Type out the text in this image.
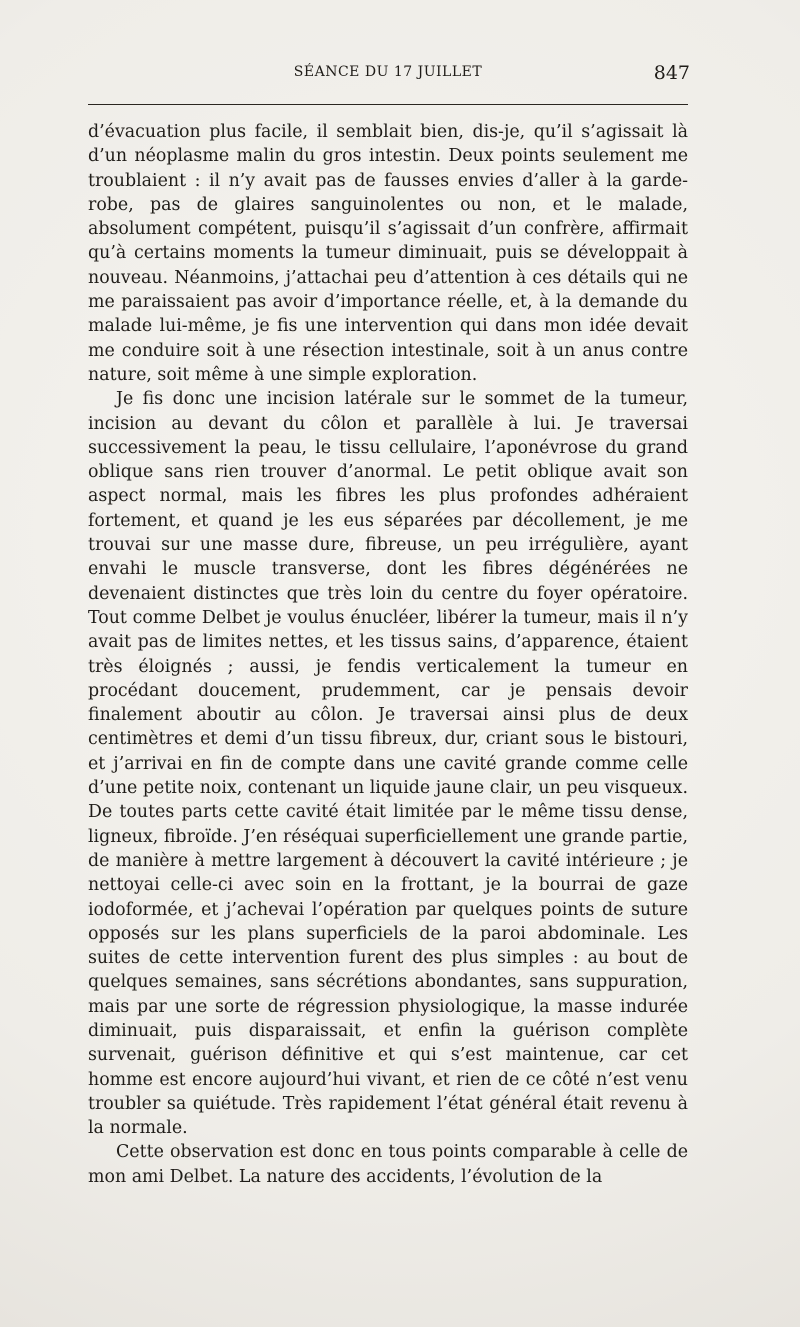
SÉANCE DU 17 JUILLET	847

d’évacuation plus facile, il semblait bien, dis-je, qu’il s’agissait là d’un néoplasme malin du gros intestin. Deux points seulement me troublaient : il n’y avait pas de fausses envies d’aller à la garde-robe, pas de glaires sanguinolentes ou non, et le malade, absolument compétent, puisqu’il s’agissait d’un confrère, affirmait qu’à certains moments la tumeur diminuait, puis se développait à nouveau. Néanmoins, j’attachai peu d’attention à ces détails qui ne me paraissaient pas avoir d’importance réelle, et, à la demande du malade lui-même, je fis une intervention qui dans mon idée devait me conduire soit à une résection intestinale, soit à un anus contre nature, soit même à une simple exploration.

Je fis donc une incision latérale sur le sommet de la tumeur, incision au devant du côlon et parallèle à lui. Je traversai successivement la peau, le tissu cellulaire, l’aponévrose du grand oblique sans rien trouver d’anormal. Le petit oblique avait son aspect normal, mais les fibres les plus profondes adhéraient fortement, et quand je les eus séparées par décollement, je me trouvai sur une masse dure, fibreuse, un peu irrégulière, ayant envahi le muscle transverse, dont les fibres dégénérées ne devenaient distinctes que très loin du centre du foyer opératoire. Tout comme Delbet je voulus énucléer, libérer la tumeur, mais il n’y avait pas de limites nettes, et les tissus sains, d’apparence, étaient très éloignés ; aussi, je fendis verticalement la tumeur en procédant doucement, prudemment, car je pensais devoir finalement aboutir au côlon. Je traversai ainsi plus de deux centimètres et demi d’un tissu fibreux, dur, criant sous le bistouri, et j’arrivai en fin de compte dans une cavité grande comme celle d’une petite noix, contenant un liquide jaune clair, un peu visqueux. De toutes parts cette cavité était limitée par le même tissu dense, ligneux, fibroïde. J’en réséquai superficiellement une grande partie, de manière à mettre largement à découvert la cavité intérieure ; je nettoyai celle-ci avec soin en la frottant, je la bourrai de gaze iodoformée, et j’achevai l’opération par quelques points de suture opposés sur les plans superficiels de la paroi abdominale. Les suites de cette intervention furent des plus simples : au bout de quelques semaines, sans sécrétions abondantes, sans suppuration, mais par une sorte de régression physiologique, la masse indurée diminuait, puis disparaissait, et enfin la guérison complète survenait, guérison définitive et qui s’est maintenue, car cet homme est encore aujourd’hui vivant, et rien de ce côté n’est venu troubler sa quiétude. Très rapidement l’état général était revenu à la normale.

Cette observation est donc en tous points comparable à celle de mon ami Delbet. La nature des accidents, l’évolution de la
